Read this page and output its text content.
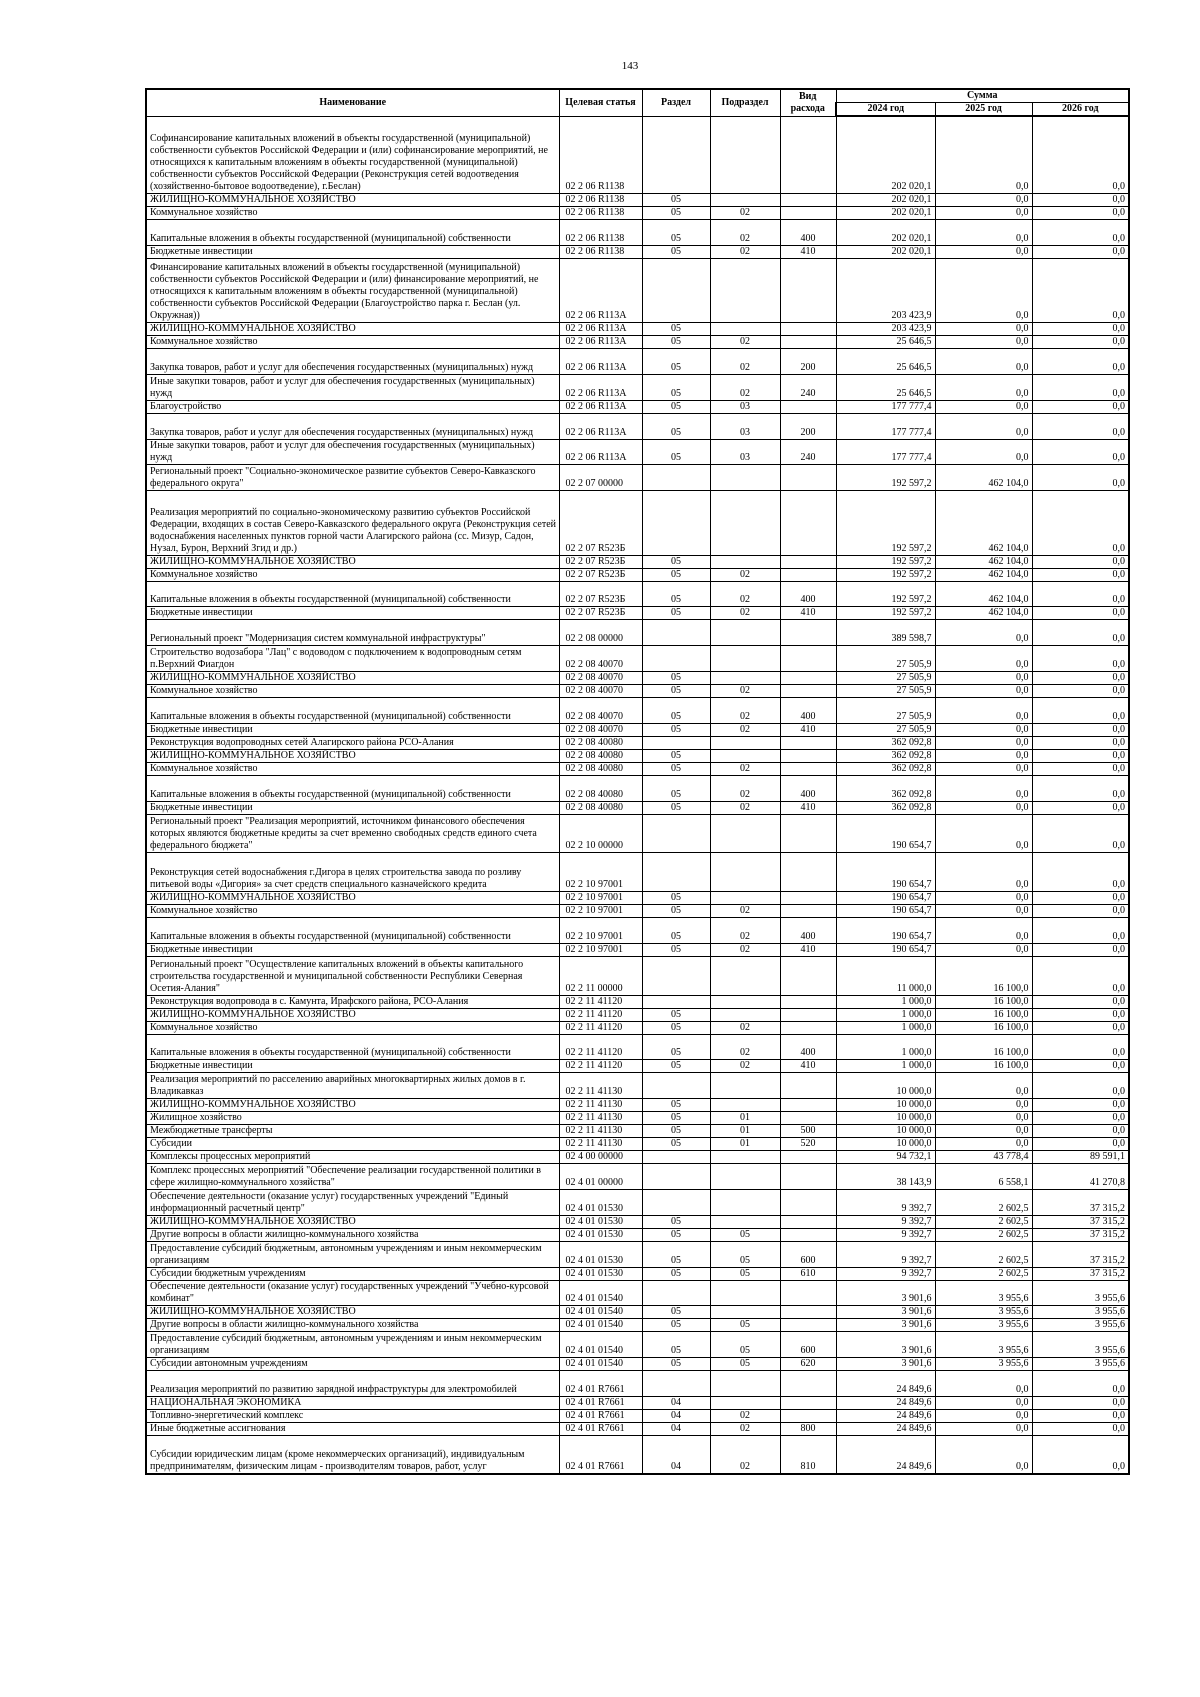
143
Наименование	Целевая статья	Раздел	Подраздел	Вид расхода	Сумма		
					2024 год	2025 год	2026 год
Софинансирование капитальных вложений в объекты государственной (муниципальной) собственности субъектов Российской Федерации и (или) софинансирование мероприятий, не относящихся к капитальным вложениям в объекты государственной (муниципальной) собственности субъектов Российской Федерации (Реконструкция сетей водоотведения (хозяйственно-бытовое водоотведение), г.Беслан)	02 2 06 R1138				202 020,1	0,0	0,0
ЖИЛИЩНО-КОММУНАЛЬНОЕ ХОЗЯЙСТВО	02 2 06 R1138	05			202 020,1	0,0	0,0
Коммунальное хозяйство	02 2 06 R1138	05	02		202 020,1	0,0	0,0
Капитальные вложения в объекты государственной (муниципальной) собственности	02 2 06 R1138	05	02	400	202 020,1	0,0	0,0
Бюджетные инвестиции	02 2 06 R1138	05	02	410	202 020,1	0,0	0,0
Финансирование капитальных вложений в объекты государственной (муниципальной) собственности субъектов Российской Федерации и (или) финансирование мероприятий, не относящихся к капитальным вложениям в объекты государственной (муниципальной) собственности субъектов Российской Федерации (Благоустройство парка г. Беслан (ул. Окружная))	02 2 06 R113A				203 423,9	0,0	0,0
ЖИЛИЩНО-КОММУНАЛЬНОЕ ХОЗЯЙСТВО	02 2 06 R113A	05			203 423,9	0,0	0,0
Коммунальное хозяйство	02 2 06 R113A	05	02		25 646,5	0,0	0,0
Закупка товаров, работ и услуг для обеспечения государственных (муниципальных) нужд	02 2 06 R113A	05	02	200	25 646,5	0,0	0,0
Иные закупки товаров, работ и услуг для обеспечения государственных (муниципальных) нужд	02 2 06 R113A	05	02	240	25 646,5	0,0	0,0
Благоустройство	02 2 06 R113A	05	03		177 777,4	0,0	0,0
Закупка товаров, работ и услуг для обеспечения государственных (муниципальных) нужд	02 2 06 R113A	05	03	200	177 777,4	0,0	0,0
Иные закупки товаров, работ и услуг для обеспечения государственных (муниципальных) нужд	02 2 06 R113A	05	03	240	177 777,4	0,0	0,0
Региональный проект "Социально-экономическое развитие субъектов Северо-Кавказского федерального округа"	02 2 07 00000				192 597,2	462 104,0	0,0
Реализация мероприятий по социально-экономическому развитию субъектов Российской Федерации, входящих в состав Северо-Кавказского федерального округа (Реконструкция сетей водоснабжения населенных пунктов горной части Алагирского района (сс. Мизур, Садон, Нузал, Бурон, Верхний Згид и др.)	02 2 07 R523Б				192 597,2	462 104,0	0,0
ЖИЛИЩНО-КОММУНАЛЬНОЕ ХОЗЯЙСТВО	02 2 07 R523Б	05			192 597,2	462 104,0	0,0
Коммунальное хозяйство	02 2 07 R523Б	05	02		192 597,2	462 104,0	0,0
Капитальные вложения в объекты государственной (муниципальной) собственности	02 2 07 R523Б	05	02	400	192 597,2	462 104,0	0,0
Бюджетные инвестиции	02 2 07 R523Б	05	02	410	192 597,2	462 104,0	0,0
Региональный проект "Модернизация систем коммунальной инфраструктуры"	02 2 08 00000				389 598,7	0,0	0,0
Строительство водозабора "Лац" с водоводом с подключением к водопроводным сетям п.Верхний Фиагдон	02 2 08 40070				27 505,9	0,0	0,0
ЖИЛИЩНО-КОММУНАЛЬНОЕ ХОЗЯЙСТВО	02 2 08 40070	05			27 505,9	0,0	0,0
Коммунальное хозяйство	02 2 08 40070	05	02		27 505,9	0,0	0,0
Капитальные вложения в объекты государственной (муниципальной) собственности	02 2 08 40070	05	02	400	27 505,9	0,0	0,0
Бюджетные инвестиции	02 2 08 40070	05	02	410	27 505,9	0,0	0,0
Реконструкция водопроводных сетей Алагирского района РСО-Алания	02 2 08 40080				362 092,8	0,0	0,0
ЖИЛИЩНО-КОММУНАЛЬНОЕ ХОЗЯЙСТВО	02 2 08 40080	05			362 092,8	0,0	0,0
Коммунальное хозяйство	02 2 08 40080	05	02		362 092,8	0,0	0,0
Капитальные вложения в объекты государственной (муниципальной) собственности	02 2 08 40080	05	02	400	362 092,8	0,0	0,0
Бюджетные инвестиции	02 2 08 40080	05	02	410	362 092,8	0,0	0,0
Региональный проект "Реализация мероприятий, источником финансового обеспечения которых являются бюджетные кредиты за счет временно свободных средств единого счета федерального бюджета"	02 2 10 00000				190 654,7	0,0	0,0
Реконструкция сетей водоснабжения г.Дигора в целях строительства завода по розливу питьевой воды «Дигория» за счет средств специального казначейского кредита	02 2 10 97001				190 654,7	0,0	0,0
ЖИЛИЩНО-КОММУНАЛЬНОЕ ХОЗЯЙСТВО	02 2 10 97001	05			190 654,7	0,0	0,0
Коммунальное хозяйство	02 2 10 97001	05	02		190 654,7	0,0	0,0
Капитальные вложения в объекты государственной (муниципальной) собственности	02 2 10 97001	05	02	400	190 654,7	0,0	0,0
Бюджетные инвестиции	02 2 10 97001	05	02	410	190 654,7	0,0	0,0
Региональный проект "Осуществление капитальных вложений в объекты капитального строительства государственной и муниципальной собственности Республики Северная Осетия-Алания"	02 2 11 00000				11 000,0	16 100,0	0,0
Реконструкция водопровода в с. Камунта, Ирафского района, РСО-Алания	02 2 11 41120				1 000,0	16 100,0	0,0
ЖИЛИЩНО-КОММУНАЛЬНОЕ ХОЗЯЙСТВО	02 2 11 41120	05			1 000,0	16 100,0	0,0
Коммунальное хозяйство	02 2 11 41120	05	02		1 000,0	16 100,0	0,0
Капитальные вложения в объекты государственной (муниципальной) собственности	02 2 11 41120	05	02	400	1 000,0	16 100,0	0,0
Бюджетные инвестиции	02 2 11 41120	05	02	410	1 000,0	16 100,0	0,0
Реализация мероприятий по расселению аварийных многоквартирных жилых домов в г. Владикавказ	02 2 11 41130				10 000,0	0,0	0,0
ЖИЛИЩНО-КОММУНАЛЬНОЕ ХОЗЯЙСТВО	02 2 11 41130	05			10 000,0	0,0	0,0
Жилищное хозяйство	02 2 11 41130	05	01		10 000,0	0,0	0,0
Межбюджетные трансферты	02 2 11 41130	05	01	500	10 000,0	0,0	0,0
Субсидии	02 2 11 41130	05	01	520	10 000,0	0,0	0,0
Комплексы процессных мероприятий	02 4 00 00000				94 732,1	43 778,4	89 591,1
Комплекс процессных мероприятий "Обеспечение реализации государственной политики в сфере жилищно-коммунального хозяйства"	02 4 01 00000				38 143,9	6 558,1	41 270,8
Обеспечение деятельности (оказание услуг) государственных учреждений "Единый информационный расчетный центр"	02 4 01 01530				9 392,7	2 602,5	37 315,2
ЖИЛИЩНО-КОММУНАЛЬНОЕ ХОЗЯЙСТВО	02 4 01 01530	05			9 392,7	2 602,5	37 315,2
Другие вопросы в области жилищно-коммунального хозяйства	02 4 01 01530	05	05		9 392,7	2 602,5	37 315,2
Предоставление субсидий бюджетным, автономным учреждениям и иным некоммерческим организациям	02 4 01 01530	05	05	600	9 392,7	2 602,5	37 315,2
Субсидии бюджетным учреждениям	02 4 01 01530	05	05	610	9 392,7	2 602,5	37 315,2
Обеспечение деятельности (оказание услуг) государственных учреждений "Учебно-курсовой комбинат"	02 4 01 01540				3 901,6	3 955,6	3 955,6
ЖИЛИЩНО-КОММУНАЛЬНОЕ ХОЗЯЙСТВО	02 4 01 01540	05			3 901,6	3 955,6	3 955,6
Другие вопросы в области жилищно-коммунального хозяйства	02 4 01 01540	05	05		3 901,6	3 955,6	3 955,6
Предоставление субсидий бюджетным, автономным учреждениям и иным некоммерческим организациям	02 4 01 01540	05	05	600	3 901,6	3 955,6	3 955,6
Субсидии автономным учреждениям	02 4 01 01540	05	05	620	3 901,6	3 955,6	3 955,6
Реализация мероприятий по развитию зарядной инфраструктуры для электромобилей	02 4 01 R7661				24 849,6	0,0	0,0
НАЦИОНАЛЬНАЯ ЭКОНОМИКА	02 4 01 R7661	04			24 849,6	0,0	0,0
Топливно-энергетический комплекс	02 4 01 R7661	04	02		24 849,6	0,0	0,0
Иные бюджетные ассигнования	02 4 01 R7661	04	02	800	24 849,6	0,0	0,0
Субсидии юридическим лицам (кроме некоммерческих организаций), индивидуальным предпринимателям, физическим лицам - производителям товаров, работ, услуг	02 4 01 R7661	04	02	810	24 849,6	0,0	0,0
